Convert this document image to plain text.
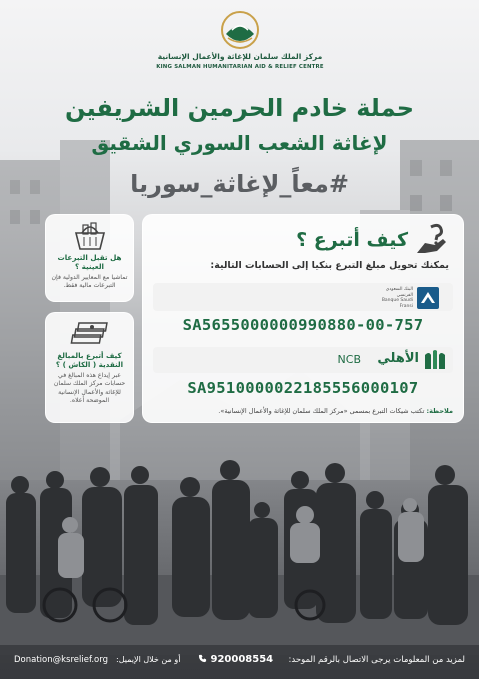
مركز الملك سلمان للإغاثة والأعمال الإنسانية
KING SALMAN HUMANITARIAN AID & RELIEF CENTRE
حملة خادم الحرمين الشريفين
لإغاثة الشعب السوري الشقيق
#معاً_لإغاثة_سوريا
هل تقبل التبرعات العينية ؟
تماشيا مع المعايير الدولية فإن التبرعات مالية فقط.
كيف أتبرع بالمبالغ النقدية ( الكاش ) ؟
عبر إيداع هذه المبالغ في حسابات مركز الملك سلمان للإغاثة والأعمال الإنسانية الموضحة أعلاه.
كيف أتبرع ؟
يمكنك تحويل مبلغ التبرع بنكيا إلى الحسابات التالية:
البنك السعودي الفرنسي
Banque Saudi Fransi
SA5655000000990880-00-757
الأهلي
NCB
SA9510000022185556000107
ملاحظة: تكتب شيكات التبرع بمسمى «مركز الملك سلمان للإغاثة والأعمال الإنسانية».
لمزيد من المعلومات يرجى الاتصال بالرقم الموحد:
920008554
أو من خلال الإيميل:
Donation@ksrelief.org
